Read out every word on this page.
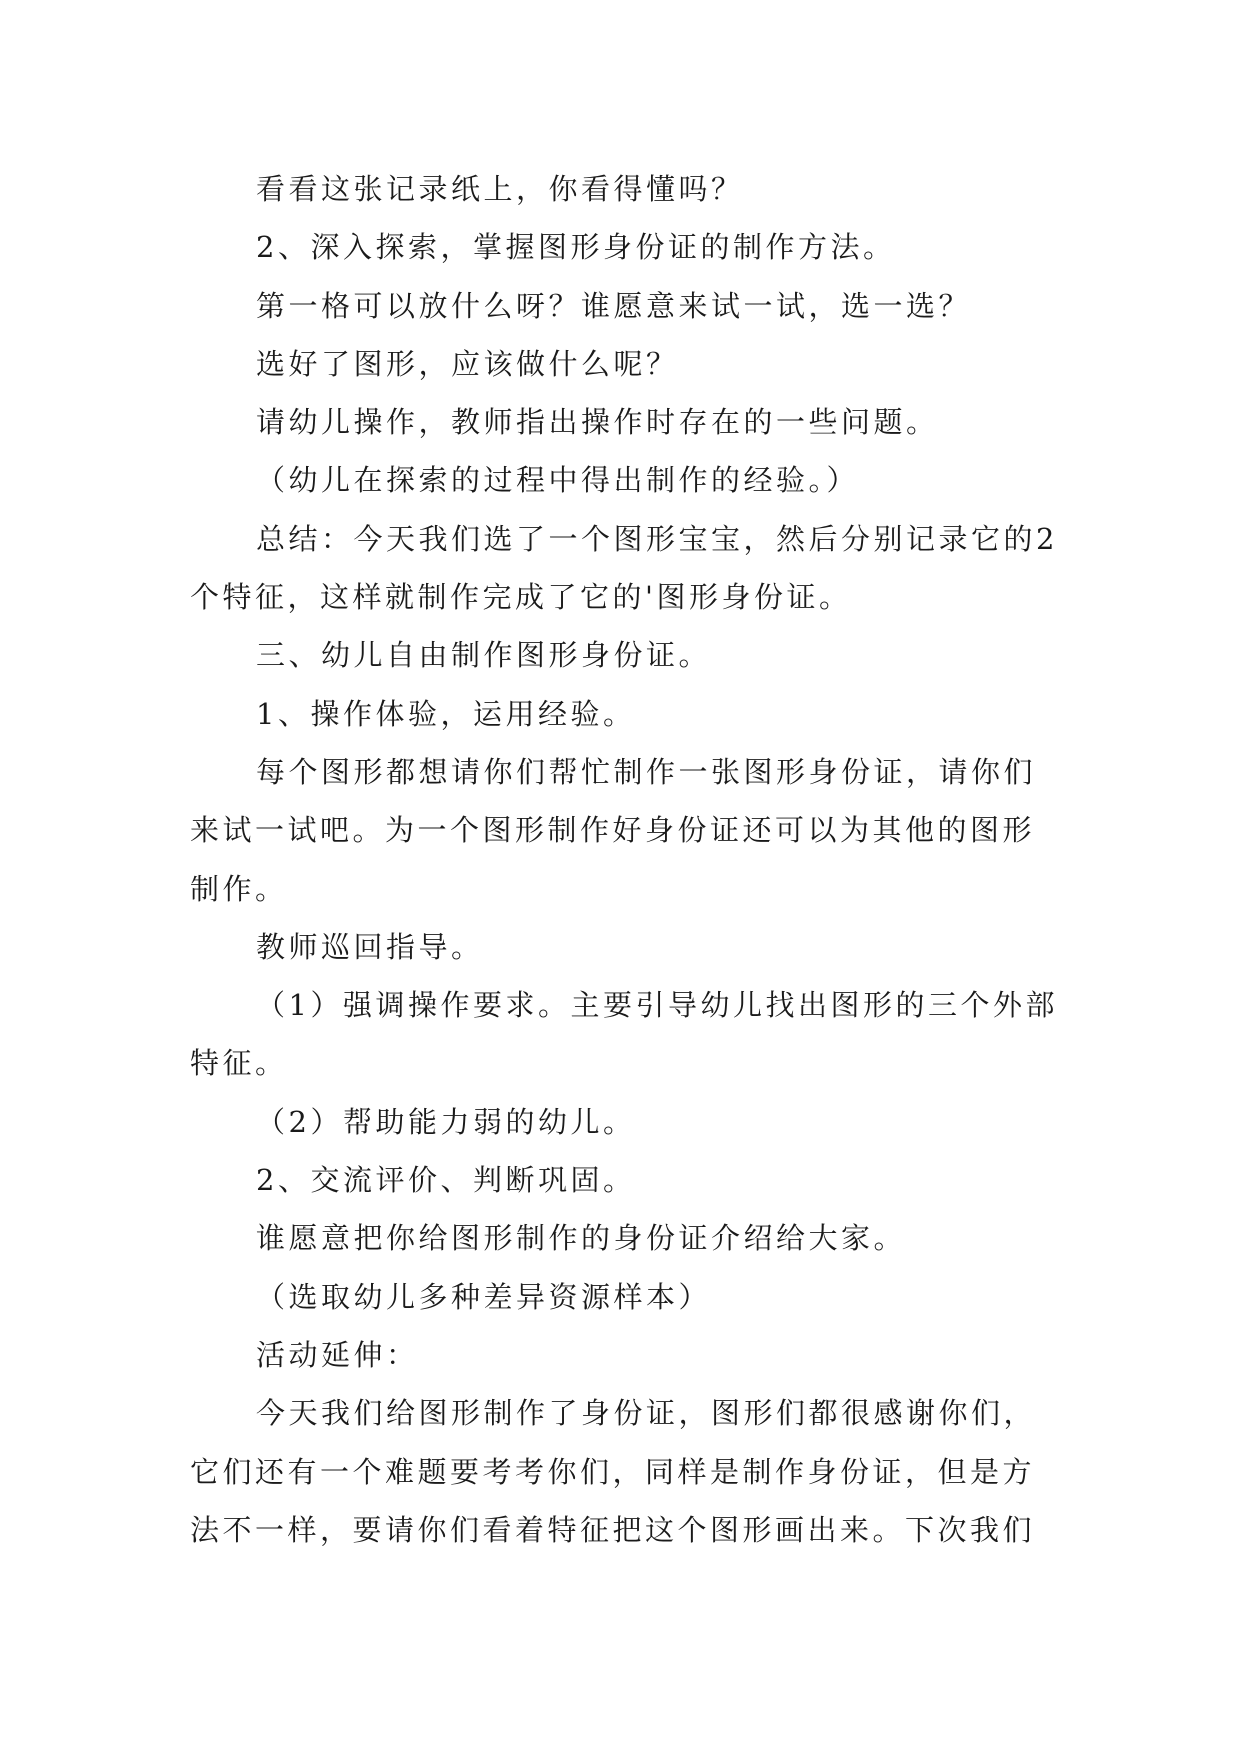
看看这张记录纸上，你看得懂吗？

2、深入探索，掌握图形身份证的制作方法。

第一格可以放什么呀？谁愿意来试一试，选一选？

选好了图形，应该做什么呢？

请幼儿操作，教师指出操作时存在的一些问题。

（幼儿在探索的过程中得出制作的经验。）

总结：今天我们选了一个图形宝宝，然后分别记录它的2个特征，这样就制作完成了它的'图形身份证。

三、幼儿自由制作图形身份证。

1、操作体验，运用经验。

每个图形都想请你们帮忙制作一张图形身份证，请你们来试一试吧。为一个图形制作好身份证还可以为其他的图形制作。

教师巡回指导。

（1）强调操作要求。主要引导幼儿找出图形的三个外部特征。

（2）帮助能力弱的幼儿。

2、交流评价、判断巩固。

谁愿意把你给图形制作的身份证介绍给大家。

（选取幼儿多种差异资源样本）

活动延伸：

今天我们给图形制作了身份证，图形们都很感谢你们，它们还有一个难题要考考你们，同样是制作身份证，但是方法不一样，要请你们看着特征把这个图形画出来。下次我们
